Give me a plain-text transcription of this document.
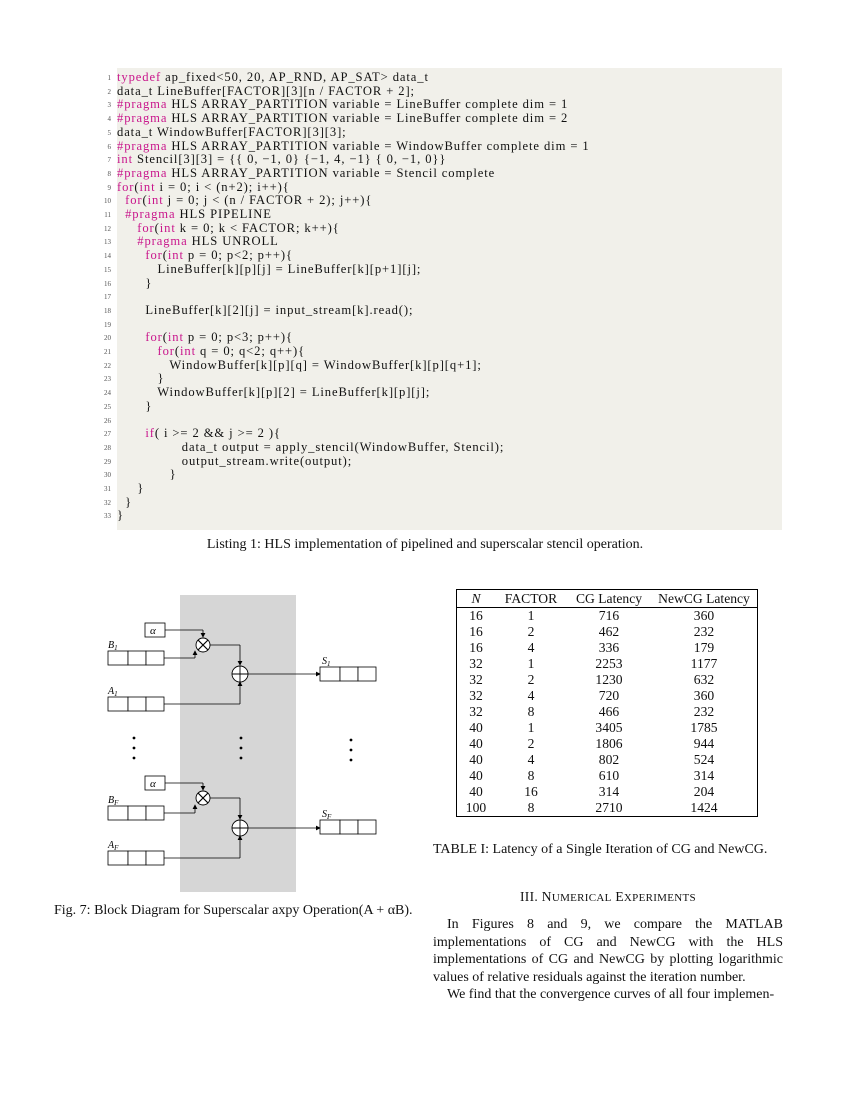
1 typedef ap_fixed<50, 20, AP_RND, AP_SAT> data_t
2 data_t LineBuffer[FACTOR][3][n / FACTOR + 2];
3 #pragma HLS ARRAY_PARTITION variable = LineBuffer complete dim = 1
4 #pragma HLS ARRAY_PARTITION variable = LineBuffer complete dim = 2
5 data_t WindowBuffer[FACTOR][3][3];
6 #pragma HLS ARRAY_PARTITION variable = WindowBuffer complete dim = 1
7 int Stencil[3][3] = {{ 0, −1, 0} {−1, 4, −1} { 0, −1, 0}}
8 #pragma HLS ARRAY_PARTITION variable = Stencil complete
9 for(int i = 0; i < (n+2); i++){
10 for(int j = 0; j < (n / FACTOR + 2); j++){
11 #pragma HLS PIPELINE
12 for(int k = 0; k < FACTOR; k++){
13 #pragma HLS UNROLL
14	for(int p = 0; p<2; p++){
15 LineBuffer[k][p][j] = LineBuffer[k][p+1][j];
16 }
17
18 LineBuffer[k][2][j] = input_stream[k].read();
19
20	for(int p = 0; p<3; p++){
21	for(int q = 0; q<2; q++){
22 WindowBuffer[k][p][q] = WindowBuffer[k][p][q+1];
23 }
24 WindowBuffer[k][p][2] = LineBuffer[k][p][j];
25 }
26
27	if( i >= 2 && j >= 2 ){
28 data_t output = apply_stencil(WindowBuffer, Stencil);
29 output_stream.write(output);
30 }
31 }
32 }
33 }
Listing 1: HLS implementation of pipelined and superscalar stencil operation.
α
$B_1$
$A_1$
$S_1$
α
$B_F$
$A_F$
$S_F$
Fig. 7: Block Diagram for Superscalar axpy Operation(A + αB).
N	FACTOR	CG Latency	NewCG Latency
16	1	716	360
16	2	462	232
16	4	336	179
32	1	2253	1177
32	2	1230	632
32	4	720	360
32	8	466	232
40	1	3405	1785
40	2	1806	944
40	4	802	524
40	8	610	314
40	16	314	204
100	8	2710	1424
TABLE I: Latency of a Single Iteration of CG and NewCG.
III. NUMERICAL EXPERIMENTS

In Figures 8 and 9, we compare the MATLAB implementations of CG and NewCG with the HLS implementations of CG and NewCG by plotting logarithmic values of relative residuals against the iteration number.

We find that the convergence curves of all four implemen-
